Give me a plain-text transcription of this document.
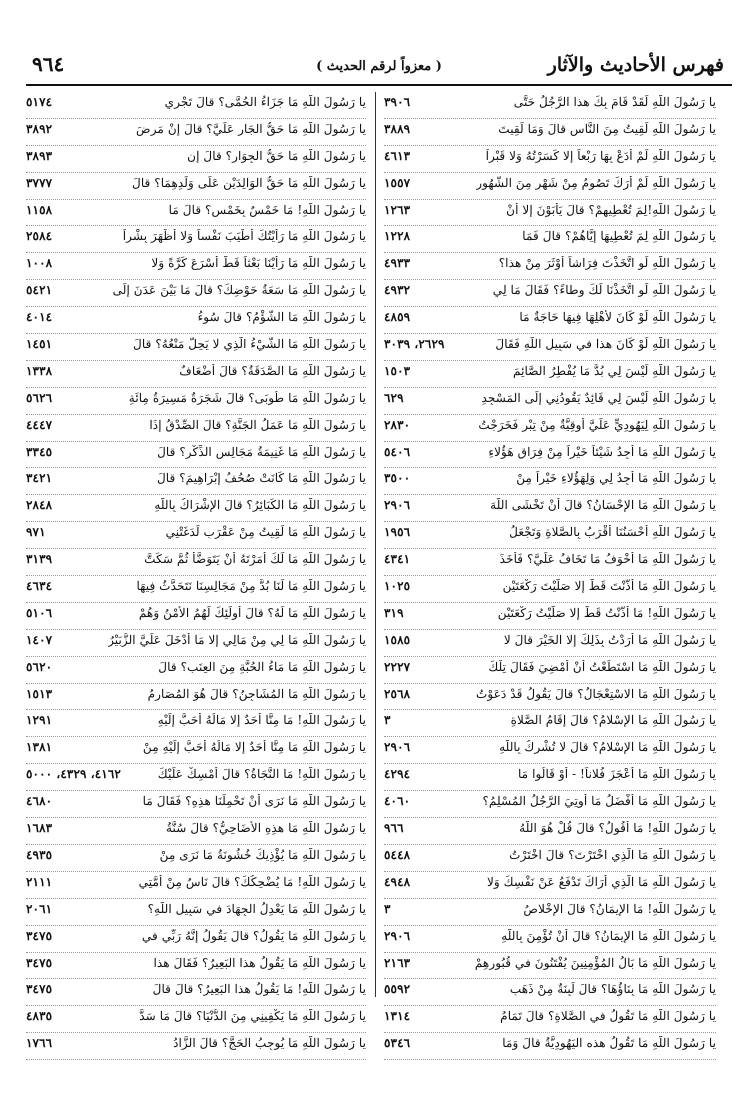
فهرس الأحاديث والآثار
( معزواً لرقم الحديث )
٩٦٤
يا رَسُولَ اللَّهِ لَقَدْ قَامَ بِكَ هذا الرَّجُلُ حَتَّى
٣٩٠٦
يا رَسُولَ اللَّهِ لَقِيتُ مِنَ النَّاسِ قالَ وَمَا لَقِيتَ
٣٨٨٩
يا رَسُولَ اللَّهِ لَمْ أَدَعْ بِهَا رَبْعاً إِلا كَسَرْتُهُ وَلا قَبْراً
٤٦١٣
يا رَسُولَ اللَّهِ لَمْ أَرَكَ تَصُومُ مِنْ شَهْرٍ مِنَ الشُّهُورِ
١٥٥٧
يا رَسُولَ اللَّهِ!لِمَ تُعْطِيهِمْ؟ قالَ يَأْبَوْنَ إِلا أَنْ
١٢٦٣
يا رَسُولَ اللَّهِ لِمَ تُعْطِيهَا إِيَّاهُمْ؟ قالَ فَمَا
١٢٢٨
يا رَسُولَ اللَّهِ لَوِ اتَّخَذْتَ فِرَاشاً أَوْثَرَ مِنْ هذا؟
٤٩٣٣
يا رَسُولَ اللَّهِ لَوِ اتَّخَذْنَا لَكَ وِطاءً؟ فَقَالَ مَا لِي
٤٩٣٢
يا رَسُولَ اللَّهِ لَوْ كَانَ لأَهْلِهَا فِيهَا حَاجَةٌ مَا
٤٨٥٩
يا رَسُولَ اللَّهِ لَوْ كَانَ هذا في سَبِيلِ اللَّهِ فَقَالَ
٢٦٢٩، ٣٠٣٩
يا رَسُولَ اللَّهِ لَيْسَ لِي بُدٌّ مَا يُفْطِرُ الصَّائِمَ
١٥٠٣
يا رَسُولَ اللَّهِ لَيْسَ لِي قَائِدٌ يَقُودُنِي إِلَى المَسْجِدِ
٦٢٩
يا رَسُولَ اللَّهِ لِيَهُودِيٍّ عَلَيَّ أُوقِيَّةٌ مِنْ تِبْرٍ فَخَرَجْتُ
٢٨٣٠
يا رَسُولَ اللَّهِ مَا أَجِدُ شَيْئاً خَيْراً مِنْ فِرَاقِ هَؤُلاءِ
٥٤٠٦
يا رَسُولَ اللَّهِ مَا أَجِدُ لِي وَلِهَؤُلاءِ خَيْراً مِنْ
٣٥٠٠
يا رَسُولَ اللَّهِ مَا الإِحْسَانُ؟ قالَ أَنْ تَخْشَى اللَّهَ
٢٩٠٦
يا رَسُولَ اللَّهِ أَحْسَنُنَا أَقْرَبُ بِالصَّلاةِ وَتَجْعَلُ
١٩٥٦
يا رَسُولَ اللَّهِ مَا أَخْوَفُ مَا تَخَافُ عَلَيَّ؟ فَأَخَذَ
٤٣٤١
يا رَسُولَ اللَّهِ مَا أَذَّنْتَ قَطُّ إِلا صَلَّيْتَ رَكْعَتَيْنِ
١٠٢٥
يا رَسُولَ اللَّهِ! مَا أَذَّنْتُ قَطُّ إِلا صَلَّيْتُ رَكْعَتَيْنِ
٣١٩
يا رَسُولَ اللَّهِ مَا أَرَدْتُ بِذَلِكَ إِلا الخَيْرَ قالَ لا
١٥٨٥
يا رَسُولَ اللَّهِ مَا اسْتَطَعْتُ أَنْ أَمْضِيَ فَقَالَ تِلْكَ
٢٢٢٧
يا رَسُولَ اللَّهِ مَا الاسْتِعْجَالُ؟ قالَ يَقُولُ قَدْ دَعَوْتُ
٢٥٦٨
يا رَسُولَ اللَّهِ مَا الإِسْلامُ؟ قالَ إِقَامُ الصَّلاةِ
٣
يا رَسُولَ اللَّهِ مَا الإِسْلامُ؟ قالَ لا تُشْرِكُ بِاللَّهِ
٢٩٠٦
يا رَسُولَ اللَّهِ مَا أَعْجَزَ فُلاناً! - أَوْ قَالُوا مَا
٤٢٩٤
يا رَسُولَ اللَّهِ مَا أَفْضَلُ مَا أُوتِيَ الرَّجُلُ المُسْلِمُ؟
٤٠٦٠
يا رَسُولَ اللَّهِ! مَا أَقُولُ؟ قالَ قُلْ هُوَ اللَّهُ
٩٦٦
يا رَسُولَ اللَّهِ مَا الَّذِي اخْتَرْتَ؟ قالَ اخْتَرْتُ
٥٤٤٨
يا رَسُولَ اللَّهِ مَا الَّذِي أَرَاكَ تَدْفَعُ عَنْ نَفْسِكَ وَلا
٤٩٤٨
يا رَسُولَ اللَّهِ! مَا الإِيمَانُ؟ قالَ الإِخْلاصُ
٣
يا رَسُولَ اللَّهِ مَا الإِيمَانُ؟ قالَ أَنْ تُؤْمِنَ بِاللَّهِ
٢٩٠٦
يا رَسُولَ اللَّهِ مَا بَالُ المُؤْمِنِينَ يُفْتَنُونَ في قُبُورِهِمْ
٢١٦٣
يا رَسُولَ اللَّهِ مَا بِنَاؤُهَا؟ قالَ لَبِنَةٌ مِنْ ذَهَبٍ
٥٥٩٢
يا رَسُولَ اللَّهِ مَا تَقُولُ في الصَّلاةِ؟ قالَ تَمَامُ
١٣١٤
يا رَسُولَ اللَّهِ مَا تَقُولُ هذه اليَهُودِيَّةُ قالَ وَمَا
٥٣٤٦
يا رَسُولَ اللَّهِ مَا جَزَاءُ الحُمَّى؟ قالَ تَجْرِي
٥١٧٤
يا رَسُولَ اللَّهِ مَا حَقُّ الجَارِ عَلَيَّ؟ قالَ إِنْ مَرِضَ
٣٨٩٢
يا رَسُولَ اللَّهِ مَا حَقُّ الجِوَارِ؟ قالَ إِنِ
٣٨٩٣
يا رَسُولَ اللَّهِ مَا حَقُّ الوَالِدَيْنِ عَلَى وَلَدِهِمَا؟ قالَ
٣٧٧٧
يا رَسُولَ اللَّهِ! مَا خَمْسٌ بِخَمْسٍ؟ قالَ مَا
١١٥٨
يا رَسُولَ اللَّهِ مَا رَأَيْتُكَ أَطْيَبَ نَفْساً وَلا أَظْهَرَ بِشْراً
٢٥٨٤
يا رَسُولَ اللَّهِ مَا رَأَيْنَا بَعْثاً قَطُّ أَسْرَعَ كَرَّةً وَلا
١٠٠٨
يا رَسُولَ اللَّهِ مَا سَعَةُ حَوْضِكَ؟ قالَ مَا بَيْنَ عَدَنَ إِلَى
٥٤٢١
يا رَسُولَ اللَّهِ مَا الشُّؤْمُ؟ قالَ سُوءُ
٤٠١٤
يا رَسُولَ اللَّهِ مَا الشَّيْءُ الَّذِي لا يَحِلُّ مَنْعُهُ؟ قالَ
١٤٥١
يا رَسُولَ اللَّهِ مَا الصَّدَقَةُ؟ قالَ أَضْعَافٌ
١٣٣٨
يا رَسُولَ اللَّهِ مَا طُوبَى؟ قالَ شَجَرَةٌ مَسِيرَةُ مِائَةِ
٥٦٢٦
يا رَسُولَ اللَّهِ مَا عَمَلُ الجَنَّةِ؟ قالَ الصِّدْقُ إِذَا
٤٤٤٧
يا رَسُولَ اللَّهِ مَا غَنِيمَةُ مَجَالِسِ الذِّكْرِ؟ قالَ
٣٣٤٥
يا رَسُولَ اللَّهِ مَا كَانَتْ صُحُفُ إِبْرَاهِيمَ؟ قالَ
٣٤٢١
يا رَسُولَ اللَّهِ مَا الكَبَائِرُ؟ قالَ الإِشْرَاكُ بِاللَّهِ
٢٨٤٨
يا رَسُولَ اللَّهِ مَا لَقِيتُ مِنْ عَقْرَبٍ لَدَغَتْنِي
٩٧١
يا رَسُولَ اللَّهِ مَا لَكَ أَمَرْتَهُ أَنْ يَتَوَضَّأَ ثُمَّ سَكَتَّ
٣١٣٩
يا رَسُولَ اللَّهِ مَا لَنَا بُدٌّ مِنْ مَجَالِسِنَا نَتَحَدَّثُ فِيهَا
٤٦٣٤
يا رَسُولَ اللَّهِ مَا لَهُ؟ قالَ أُولَئِكَ لَهُمُ الأَمْنُ وَهُمْ
٥١٠٦
يا رَسُولَ اللَّهِ مَا لِي مِنْ مَالِي إِلا مَا أَدْخَلَ عَلَيَّ الزُّبَيْرُ
١٤٠٧
يا رَسُولَ اللَّهِ مَا مَاءُ الحُبَّةِ مِنَ العِنَبِ؟ قالَ
٥٦٢٠
يا رَسُولَ اللَّهِ مَا المُشَاجِنُ؟ قالَ هُوَ المُصَارِمُ
١٥١٣
يا رَسُولَ اللَّهِ! مَا مِنَّا أَحَدٌ إِلا مَالُهُ أَحَبُّ إِلَيْهِ
١٢٩١
يا رَسُولَ اللَّهِ مَا مِنَّا أَحَدٌ إِلا مَالُهُ أَحَبُّ إِلَيْهِ مِنْ
١٣٨١
يا رَسُولَ اللَّهِ! مَا النَّجَاةُ؟ قالَ أَمْسِكْ عَلَيْكَ
٤١٦٢، ٤٣٢٩، ٥٠٠٠
يا رَسُولَ اللَّهِ مَا نَرَى أَنْ تَحْمِلَنَا هذِهِ؟ فَقَالَ مَا
٤٦٨٠
يا رَسُولَ اللَّهِ مَا هذِهِ الأَضَاحِيُّ؟ قالَ سُنَّةُ
١٦٨٣
يا رَسُولَ اللَّهِ مَا يُؤْذِيكَ خُشُونَةُ مَا نَرَى مِنْ
٤٩٣٥
يا رَسُولَ اللَّهِ! مَا يُضْحِكُكَ؟ قالَ نَاسٌ مِنْ أُمَّتِي
٢١١١
يا رَسُولَ اللَّهِ مَا يَعْدِلُ الجِهَادَ في سَبِيلِ اللَّهِ؟
٢٠٦١
يا رَسُولَ اللَّهِ مَا يَقُولُ؟ قالَ يَقُولُ إِنَّهُ رَبِّي في
٣٤٧٥
يا رَسُولَ اللَّهِ مَا يَقُولُ هذا البَعِيرُ؟ فَقَالَ هذا
٣٤٧٥
يا رَسُولَ اللَّهِ! مَا يَقُولُ هذا البَعِيرُ؟ قالَ قالَ
٣٤٧٥
يا رَسُولَ اللَّهِ مَا يَكْفِينِي مِنَ الدُّنْيَا؟ قالَ مَا سَدَّ
٤٨٣٥
يا رَسُولَ اللَّهِ مَا يُوجِبُ الحَجَّ؟ قالَ الزَّادُ
١٧٦٦
